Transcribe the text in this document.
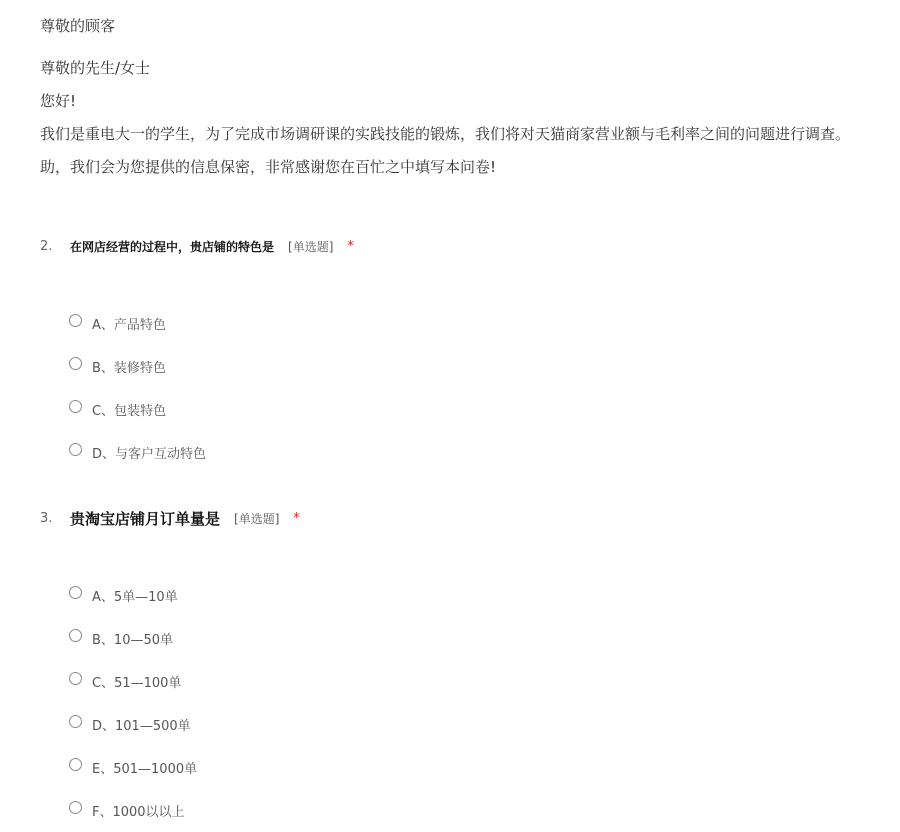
尊敬的顾客
尊敬的先生/女士
您好!
我们是重电大一的学生，为了完成市场调研课的实践技能的锻炼，我们将对天猫商家营业额与毛利率之间的问题进行调查。
助，我们会为您提供的信息保密，非常感谢您在百忙之中填写本问卷!
2.	在网店经营的过程中，贵店铺的特色是 [单选题] *
A、产品特色
B、装修特色
C、包装特色
D、与客户互动特色
3.	贵淘宝店铺月订单量是 [单选题] *
A、5单—10单
B、10—50单
C、51—100单
D、101—500单
E、501—1000单
F、1000以以上
